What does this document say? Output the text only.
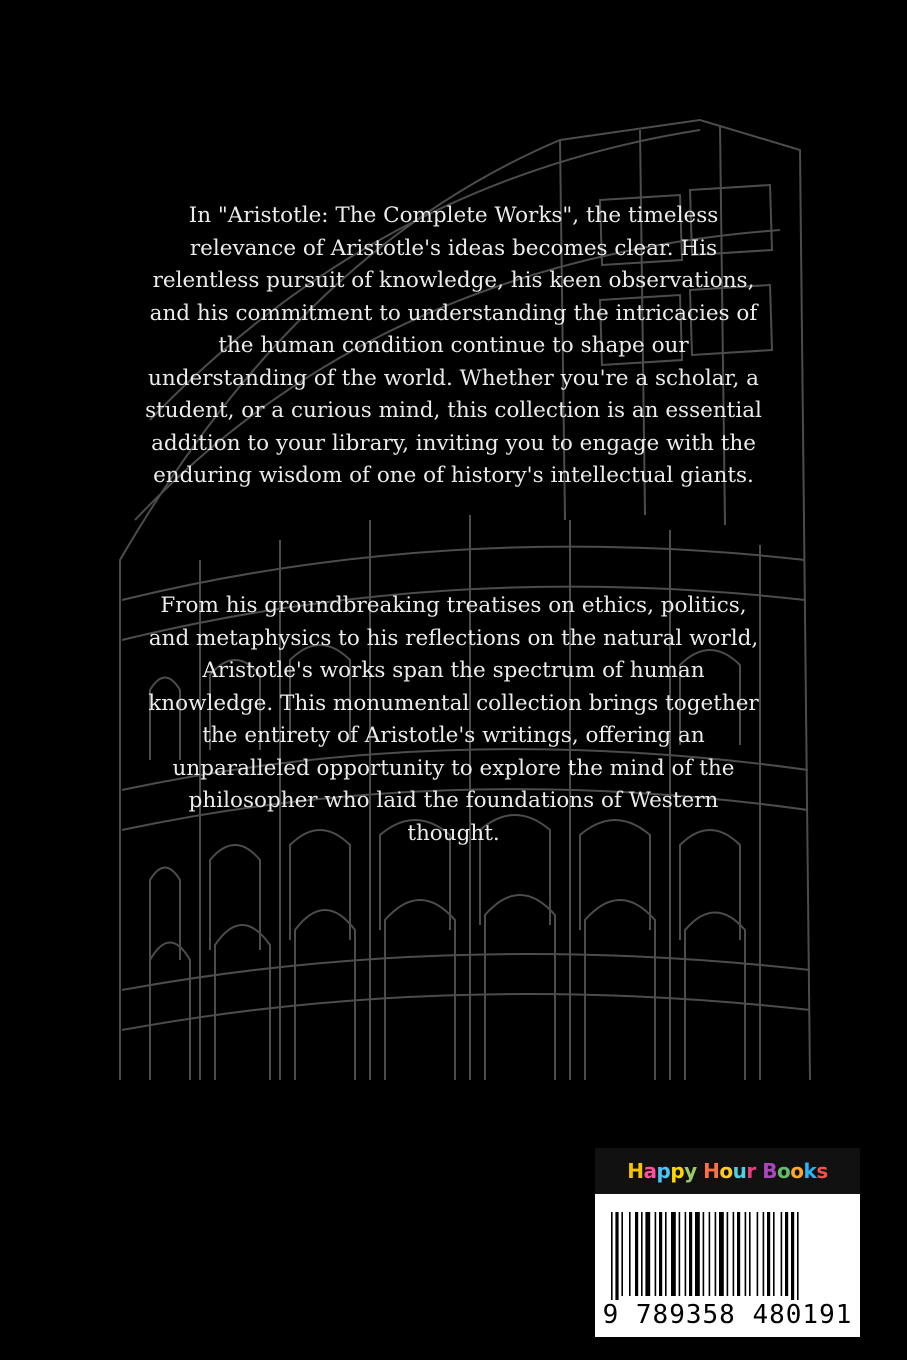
In "Aristotle: The Complete Works", the timeless
relevance of Aristotle's ideas becomes clear. His
relentless pursuit of knowledge, his keen observations,
and his commitment to understanding the intricacies of
the human condition continue to shape our
understanding of the world. Whether you're a scholar, a
student, or a curious mind, this collection is an essential
addition to your library, inviting you to engage with the
enduring wisdom of one of history's intellectual giants.
From his groundbreaking treatises on ethics, politics,
and metaphysics to his reflections on the natural world,
Aristotle's works span the spectrum of human
knowledge. This monumental collection brings together
the entirety of Aristotle's writings, offering an
unparalleled opportunity to explore the mind of the
philosopher who laid the foundations of Western
thought.
Happy Hour Books
9 789358 480191
